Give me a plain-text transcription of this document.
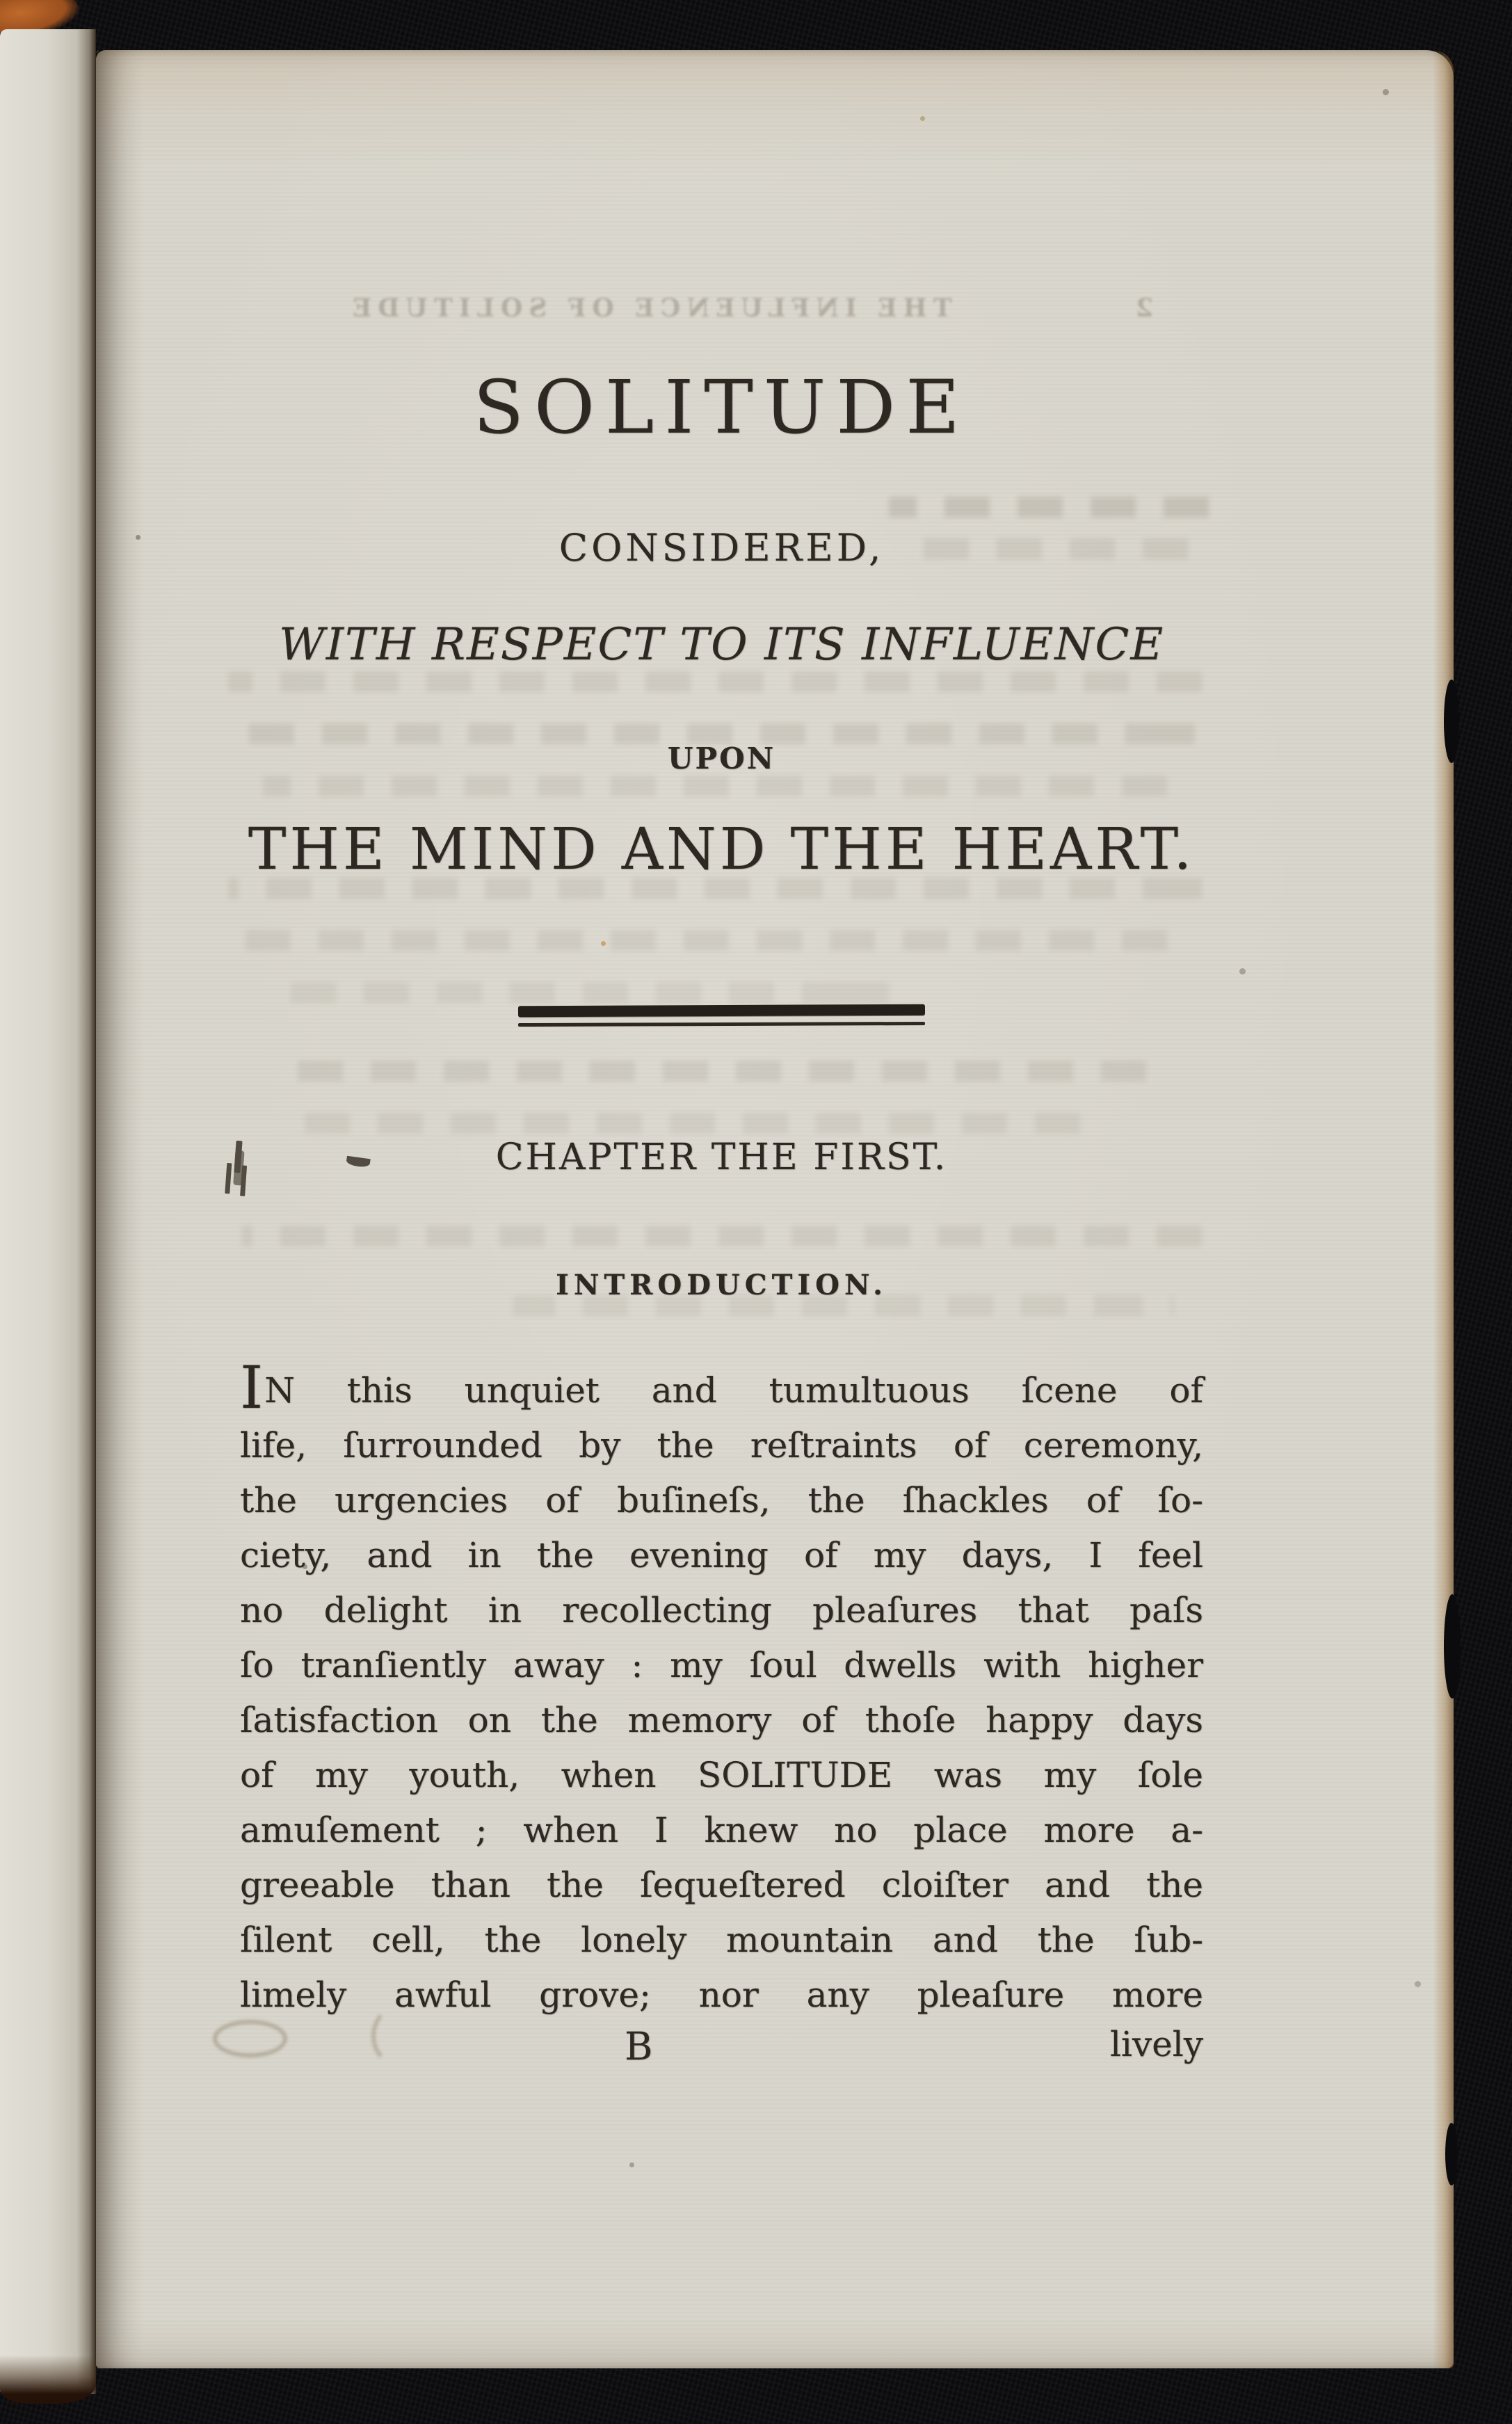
2
THE INFLUENCE OF SOLITUDE
SOLITUDE
CONSIDERED,
WITH RESPECT TO ITS INFLUENCE
UPON
THE MIND AND THE HEART.
CHAPTER THE FIRST.
INTRODUCTION.
IN this unquiet and tumultuous ſcene of
life, ſurrounded by the reſtraints of ceremony,
the urgencies of buſineſs, the ſhackles of ſo-
ciety, and in the evening of my days, I feel
no delight in recollecting pleaſures that paſs
ſo tranſiently away : my ſoul dwells with higher
ſatisfaction on the memory of thoſe happy days
of my youth, when SOLITUDE was my ſole
amuſement ; when I knew no place more a-
greeable than the ſequeſtered cloiſter and the
ſilent cell, the lonely mountain and the ſub-
limely awful grove; nor any pleaſure more
B	lively
